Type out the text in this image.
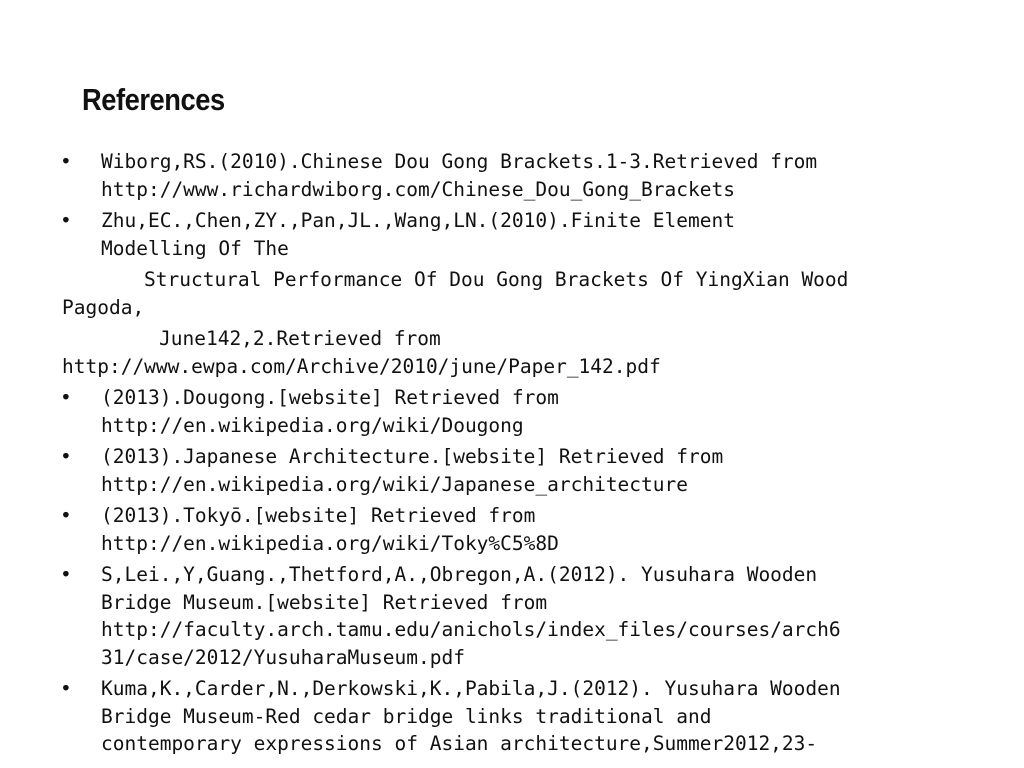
References
• Wiborg,RS.(2010).Chinese Dou Gong Brackets.1-3.Retrieved from
http://www.richardwiborg.com/Chinese_Dou_Gong_Brackets
• Zhu,EC.,Chen,ZY.,Pan,JL.,Wang,LN.(2010).Finite Element
Modelling Of The
Structural Performance Of Dou Gong Brackets Of YingXian Wood
Pagoda,
June142,2.Retrieved from
http://www.ewpa.com/Archive/2010/june/Paper_142.pdf
• (2013).Dougong.[website] Retrieved from
http://en.wikipedia.org/wiki/Dougong
• (2013).Japanese Architecture.[website] Retrieved from
http://en.wikipedia.org/wiki/Japanese_architecture
• (2013).Tokyō.[website] Retrieved from
http://en.wikipedia.org/wiki/Toky%C5%8D
• S,Lei.,Y,Guang.,Thetford,A.,Obregon,A.(2012). Yusuhara Wooden
Bridge Museum.[website] Retrieved from
http://faculty.arch.tamu.edu/anichols/index_files/courses/arch6
31/case/2012/YusuharaMuseum.pdf
• Kuma,K.,Carder,N.,Derkowski,K.,Pabila,J.(2012). Yusuhara Wooden
Bridge Museum-Red cedar bridge links traditional and
contemporary expressions of Asian architecture,Summer2012,23-
